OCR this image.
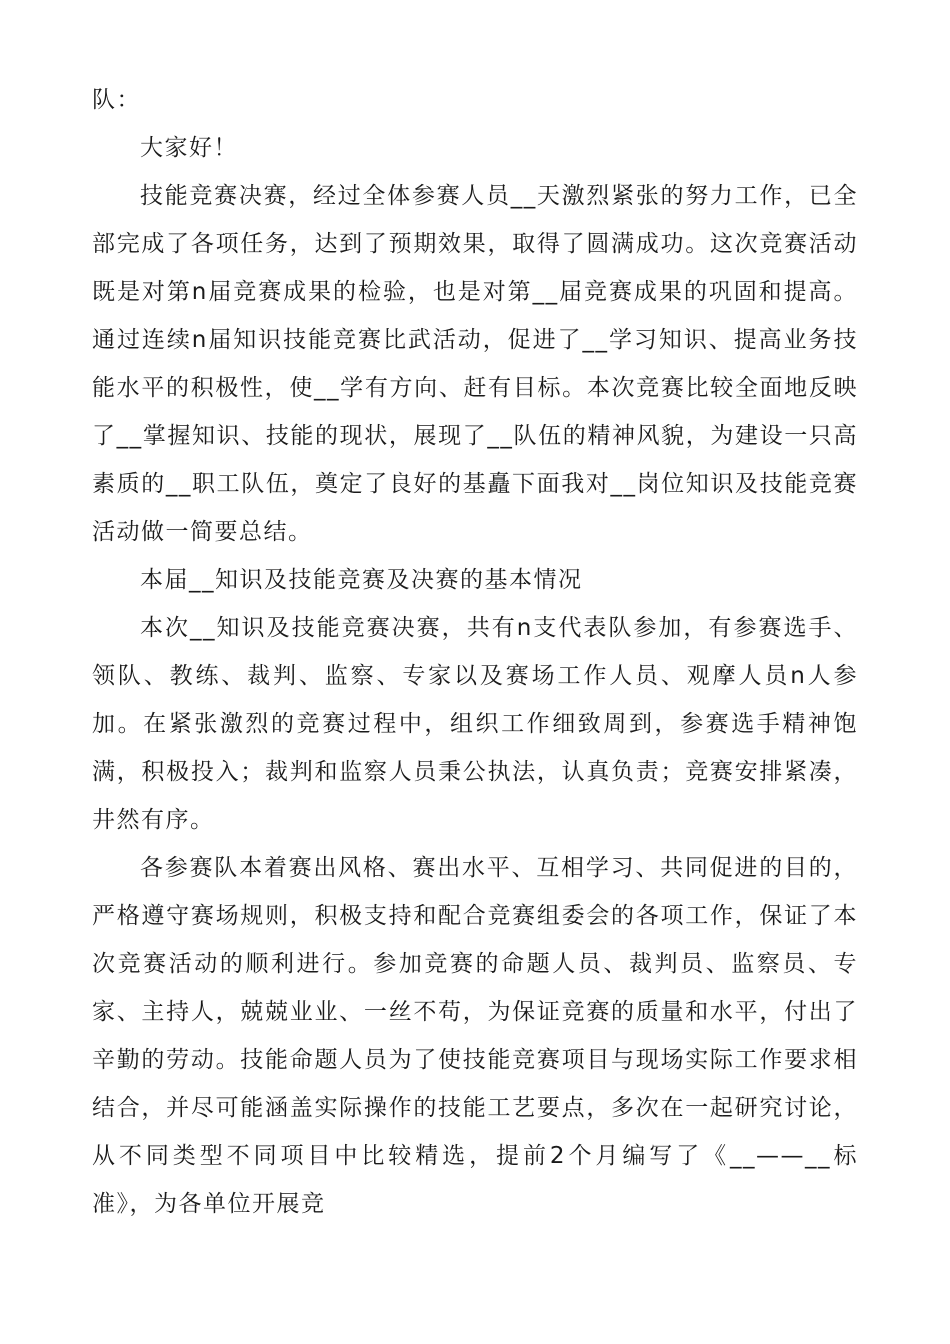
队：

大家好！

技能竞赛决赛，经过全体参赛人员__天激烈紧张的努力工作，已全部完成了各项任务，达到了预期效果，取得了圆满成功。这次竞赛活动既是对第n届竞赛成果的检验，也是对第__届竞赛成果的巩固和提高。通过连续n届知识技能竞赛比武活动，促进了__学习知识、提高业务技能水平的积极性，使__学有方向、赶有目标。本次竞赛比较全面地反映了__掌握知识、技能的现状，展现了__队伍的精神风貌，为建设一只高素质的__职工队伍，奠定了良好的基矗下面我对__岗位知识及技能竞赛活动做一简要总结。

本届__知识及技能竞赛及决赛的基本情况

本次__知识及技能竞赛决赛，共有n支代表队参加，有参赛选手、领队、教练、裁判、监察、专家以及赛场工作人员、观摩人员n人参加。在紧张激烈的竞赛过程中，组织工作细致周到，参赛选手精神饱满，积极投入；裁判和监察人员秉公执法，认真负责；竞赛安排紧凑，井然有序。

各参赛队本着赛出风格、赛出水平、互相学习、共同促进的目的，严格遵守赛场规则，积极支持和配合竞赛组委会的各项工作，保证了本次竞赛活动的顺利进行。参加竞赛的命题人员、裁判员、监察员、专家、主持人，兢兢业业、一丝不苟，为保证竞赛的质量和水平，付出了辛勤的劳动。技能命题人员为了使技能竞赛项目与现场实际工作要求相结合，并尽可能涵盖实际操作的技能工艺要点，多次在一起研究讨论，从不同类型不同项目中比较精选，提前2个月编写了《__——__标准》，为各单位开展竞
